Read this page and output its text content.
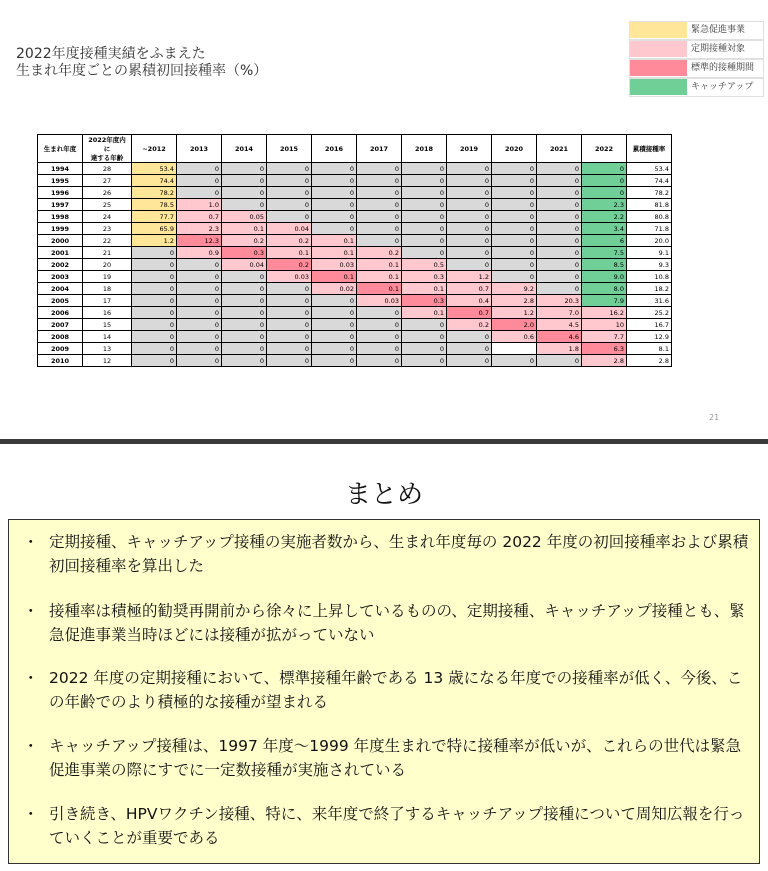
2022年度接種実績をふまえた
生まれ年度ごとの累積初回接種率（%）
緊急促進事業
定期接種対象
標準的接種期間
キャッチアップ
生まれ年度	2022年度内に
達する年齢	~2012	2013	2014	2015	2016	2017	2018	2019	2020	2021	2022	累積接種率
1994	28	53.4	0	0	0	0	0	0	0	0	0	0	53.4
1995	27	74.4	0	0	0	0	0	0	0	0	0	0	74.4
1996	26	78.2	0	0	0	0	0	0	0	0	0	0	78.2
1997	25	78.5	1.0	0	0	0	0	0	0	0	0	2.3	81.8
1998	24	77.7	0.7	0.05	0	0	0	0	0	0	0	2.2	80.8
1999	23	65.9	2.3	0.1	0.04	0	0	0	0	0	0	3.4	71.8
2000	22	1.2	12.3	0.2	0.2	0.1	0	0	0	0	0	6	20.0
2001	21	0	0.9	0.3	0.1	0.1	0.2	0	0	0	0	7.5	9.1
2002	20	0	0	0.04	0.2	0.03	0.1	0.5	0	0	0	8.5	9.3
2003	19	0	0	0	0.03	0.1	0.1	0.3	1.2	0	0	9.0	10.8
2004	18	0	0	0	0	0.02	0.1	0.1	0.7	9.2	0	8.0	18.2
2005	17	0	0	0	0	0	0.03	0.3	0.4	2.8	20.3	7.9	31.6
2006	16	0	0	0	0	0	0	0.1	0.7	1.2	7.0	16.2	25.2
2007	15	0	0	0	0	0	0	0	0.2	2.0	4.5	10	16.7
2008	14	0	0	0	0	0	0	0	0	0.6	4.6	7.7	12.9
2009	13	0	0	0	0	0	0	0	0		1.8	6.3	8.1
2010	12	0	0	0	0	0	0	0	0	0	0	2.8	2.8
21
まとめ
・ 定期接種、キャッチアップ接種の実施者数から、生まれ年度毎の 2022 年度の初回接種率および累積初回接種率を算出した
・ 接種率は積極的勧奨再開前から徐々に上昇しているものの、定期接種、キャッチアップ接種とも、緊急促進事業当時ほどには接種が拡がっていない
・ 2022 年度の定期接種において、標準接種年齢である 13 歳になる年度での接種率が低く、今後、この年齢でのより積極的な接種が望まれる
・ キャッチアップ接種は、1997 年度～1999 年度生まれで特に接種率が低いが、これらの世代は緊急促進事業の際にすでに一定数接種が実施されている
・ 引き続き、HPVワクチン接種、特に、来年度で終了するキャッチアップ接種について周知広報を行っていくことが重要である
